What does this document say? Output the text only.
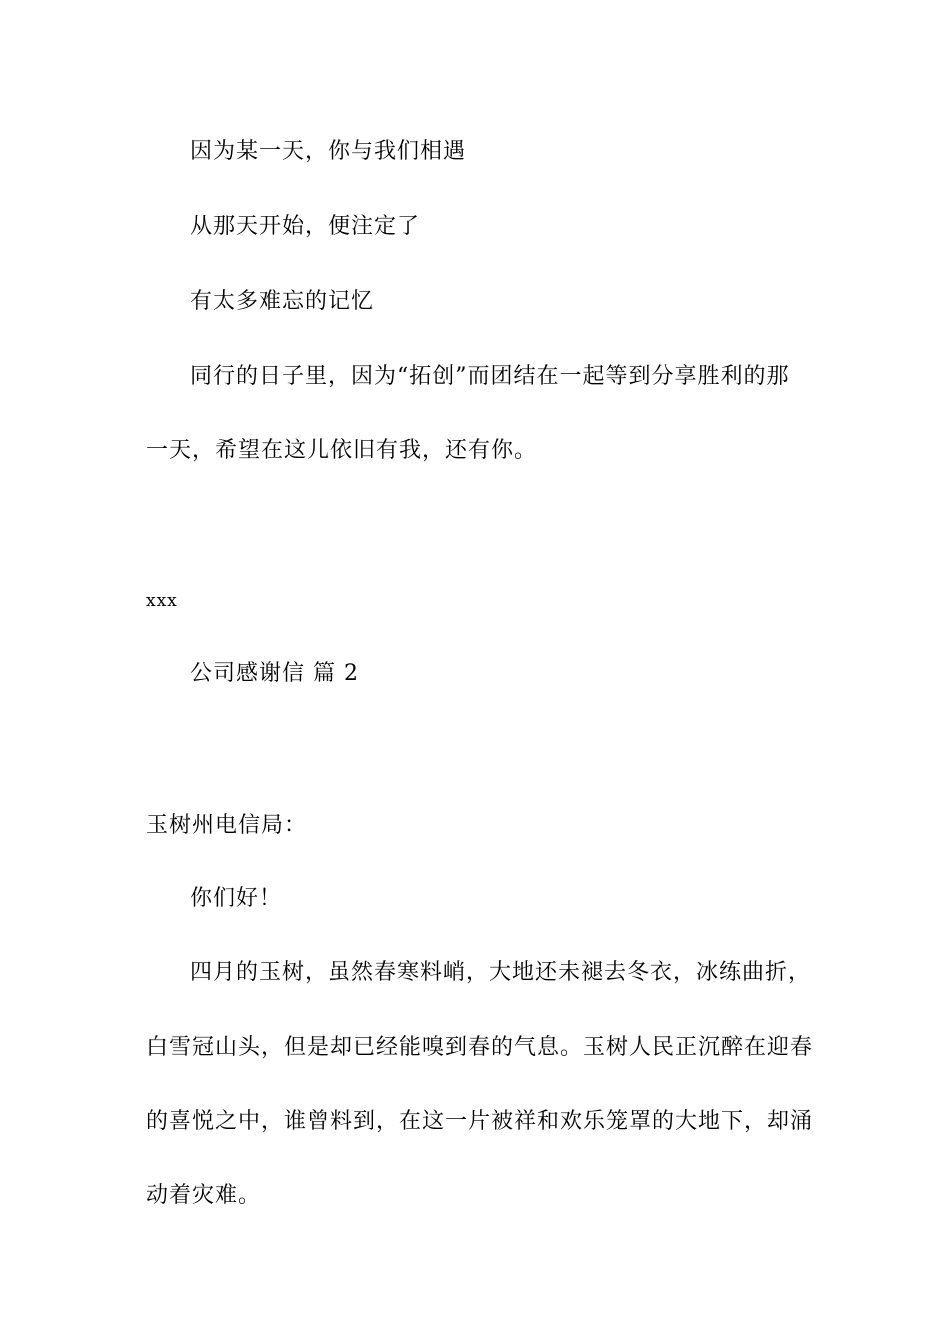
因为某一天，你与我们相遇
从那天开始，便注定了
有太多难忘的记忆
同行的日子里，因为“拓创”而团结在一起等到分享胜利的那
一天，希望在这儿依旧有我，还有你。
xxx
公司感谢信 篇 2
玉树州电信局：
你们好！
四月的玉树，虽然春寒料峭，大地还未褪去冬衣，冰练曲折，
白雪冠山头，但是却已经能嗅到春的气息。玉树人民正沉醉在迎春
的喜悦之中，谁曾料到，在这一片被祥和欢乐笼罩的大地下，却涌
动着灾难。
